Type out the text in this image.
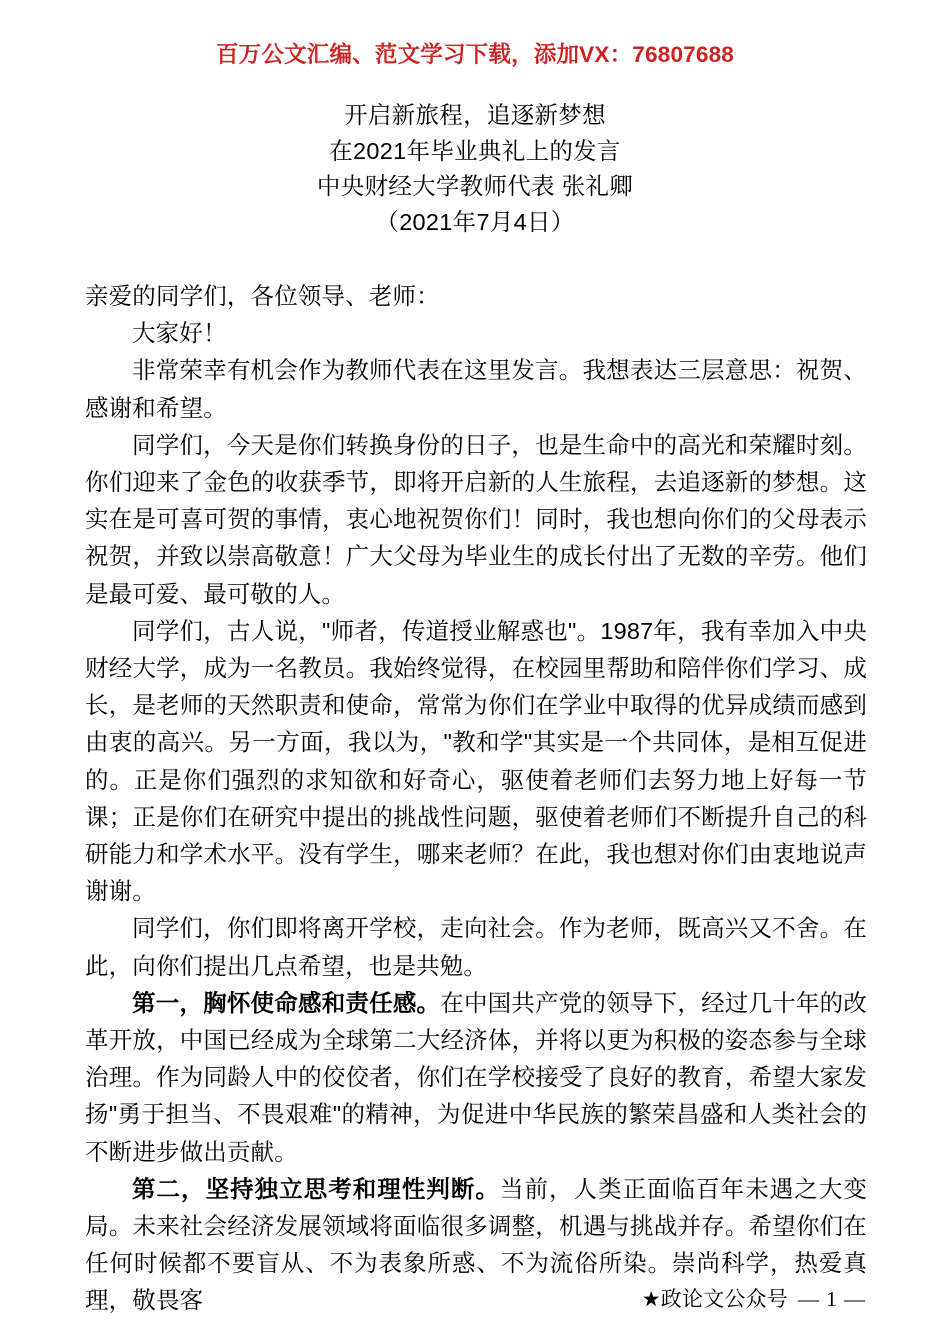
百万公文汇编、范文学习下载，添加VX：76807688
开启新旅程，追逐新梦想
在2021年毕业典礼上的发言
中央财经大学教师代表 张礼卿
（2021年7月4日）

亲爱的同学们，各位领导、老师：

大家好！

非常荣幸有机会作为教师代表在这里发言。我想表达三层意思：祝贺、感谢和希望。

同学们，今天是你们转换身份的日子，也是生命中的高光和荣耀时刻。你们迎来了金色的收获季节，即将开启新的人生旅程，去追逐新的梦想。这实在是可喜可贺的事情，衷心地祝贺你们！同时，我也想向你们的父母表示祝贺，并致以崇高敬意！广大父母为毕业生的成长付出了无数的辛劳。他们是最可爱、最可敬的人。

同学们，古人说，"师者，传道授业解惑也"。1987年，我有幸加入中央财经大学，成为一名教员。我始终觉得，在校园里帮助和陪伴你们学习、成长，是老师的天然职责和使命，常常为你们在学业中取得的优异成绩而感到由衷的高兴。另一方面，我以为，"教和学"其实是一个共同体，是相互促进的。正是你们强烈的求知欲和好奇心，驱使着老师们去努力地上好每一节课；正是你们在研究中提出的挑战性问题，驱使着老师们不断提升自己的科研能力和学术水平。没有学生，哪来老师？在此，我也想对你们由衷地说声谢谢。

同学们，你们即将离开学校，走向社会。作为老师，既高兴又不舍。在此，向你们提出几点希望，也是共勉。

第一，胸怀使命感和责任感。在中国共产党的领导下，经过几十年的改革开放，中国已经成为全球第二大经济体，并将以更为积极的姿态参与全球治理。作为同龄人中的佼佼者，你们在学校接受了良好的教育，希望大家发扬"勇于担当、不畏艰难"的精神，为促进中华民族的繁荣昌盛和人类社会的不断进步做出贡献。

第二，坚持独立思考和理性判断。当前，人类正面临百年未遇之大变局。未来社会经济发展领域将面临很多调整，机遇与挑战并存。希望你们在任何时候都不要盲从、不为表象所惑、不为流俗所染。崇尚科学，热爱真理，敬畏客	★政论文公众号 — 1 —
